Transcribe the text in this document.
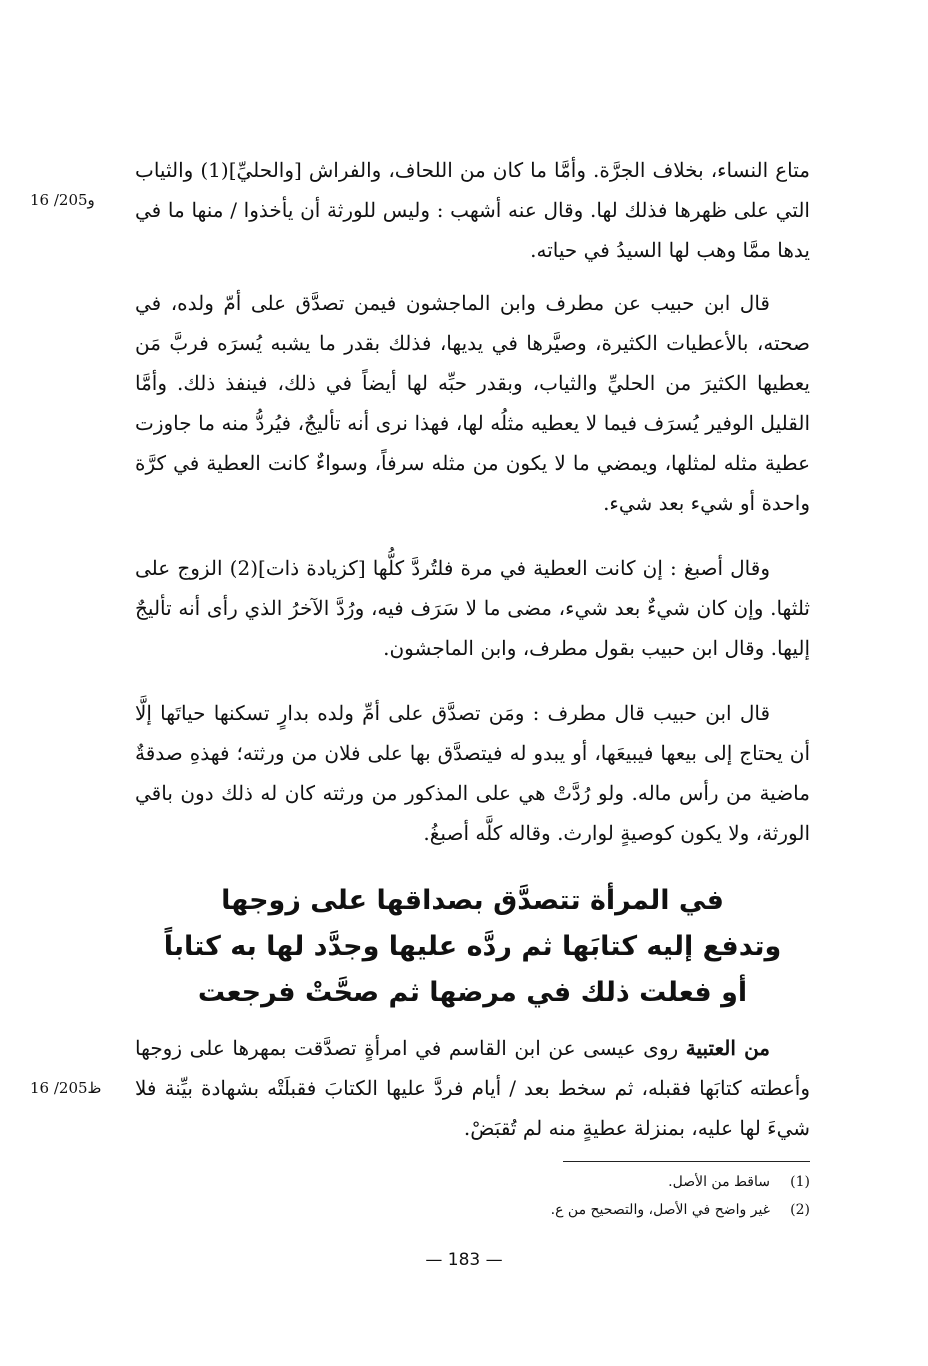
16 /205و

متاع النساء، بخلاف الجرَّة. وأمَّا ما كان من اللحاف، والفراش [والحليِّ](1) والثياب التي على ظهرها فذلك لها. وقال عنه أشهب : وليس للورثة أن يأخذوا / منها ما في يدها ممَّا وهب لها السيدُ في حياته.

قال ابن حبيب عن مطرف وابن الماجشون فيمن تصدَّق على أمّ ولده، في صحته، بالأعطيات الكثيرة، وصيَّرها في يديها، فذلك بقدر ما يشبه يُسرَه فربَّ مَن يعطيها الكثيرَ من الحليِّ والثياب، وبقدر حبِّه لها أيضاً في ذلك، فينفذ ذلك. وأمَّا القليل الوفير يُسرَف فيما لا يعطيه مثلُه لها، فهذا نرى أنه تأليجٌ، فيُردُّ منه ما جاوزت عطية مثله لمثلها، ويمضي ما لا يكون من مثله سرفاً، وسواءٌ كانت العطية في كرَّة واحدة أو شيء بعد شيء.

وقال أصبغ : إن كانت العطية في مرة فلتُردَّ كلُّها [كزيادة ذات](2) الزوج على ثلثها. وإن كان شيءٌ بعد شيء، مضى ما لا سَرَف فيه، ورُدَّ الآخرُ الذي رأى أنه تأليجٌ إليها. وقال ابن حبيب بقول مطرف، وابن الماجشون.

قال ابن حبيب قال مطرف : ومَن تصدَّق على أمِّ ولده بدارٍ تسكنها حياتَها إلَّا أن يحتاج إلى بيعها فيبيعَها، أو يبدو له فيتصدَّق بها على فلان من ورثته؛ فهذهِ صدقةٌ ماضية من رأس ماله. ولو رُدَّتْ هي على المذكور من ورثته كان له ذلك دون باقي الورثة، ولا يكون كوصيةٍ لوارث. وقاله كلَّه أصبغُ.

في المرأة تتصدَّق بصداقها على زوجها

وتدفع إليه كتابَها ثم ردَّه عليها وجدَّد لها به كتاباً

أو فعلت ذلك في مرضها ثم صحَّتْ فرجعت

16 /205ظ

من العتبية روى عيسى عن ابن القاسم في امرأةٍ تصدَّقت بمهرها على زوجها وأعطته كتابَها فقبله، ثم سخط بعد / أيام فردَّ عليها الكتابَ فقبلَتْه بشهادة بيِّنة فلا شيءَ لها عليه، بمنزلة عطيةٍ منه لم تُقبَضْ.

(1)ساقط من الأصل.

(2)غير واضح في الأصل، والتصحيح من ع.

— 183 —
